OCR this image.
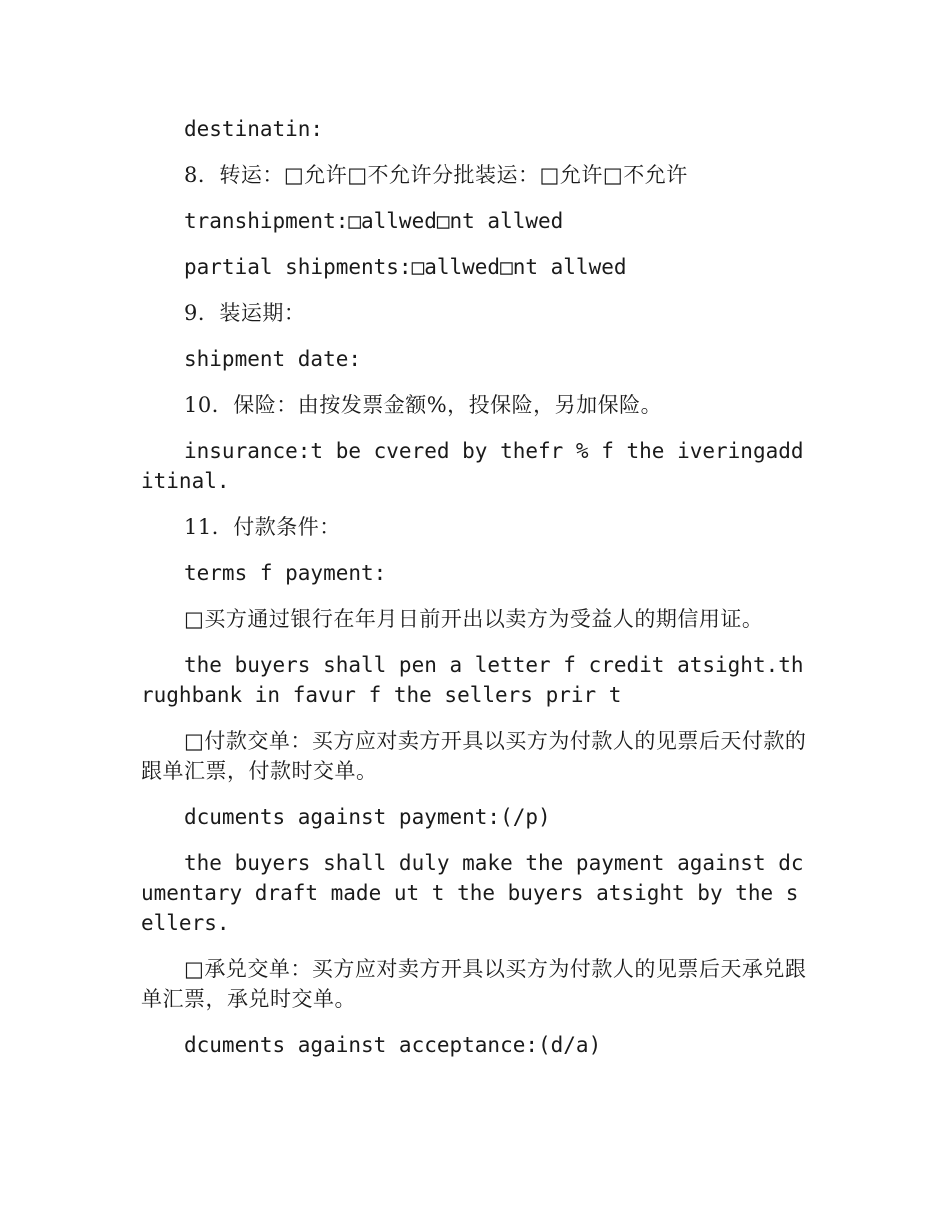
destinatin:

8．转运：□允许□不允许分批装运：□允许□不允许

transhipment:□allwed□nt allwed

partial shipments:□allwed□nt allwed

9．装运期：

shipment date:

10．保险：由按发票金额%，投保险，另加保险。

insurance:t be cvered by thefr % f the iveringadditinal.

11．付款条件：

terms f payment:

□买方通过银行在年月日前开出以卖方为受益人的期信用证。

the buyers shall pen a letter f credit atsight.thrughbank in favur f the sellers prir t

□付款交单：买方应对卖方开具以买方为付款人的见票后天付款的跟单汇票，付款时交单。

dcuments against payment:(/p)

the buyers shall duly make the payment against dcumentary draft made ut t the buyers atsight by the sellers.

□承兑交单：买方应对卖方开具以买方为付款人的见票后天承兑跟单汇票，承兑时交单。

dcuments against acceptance:(d/a)
